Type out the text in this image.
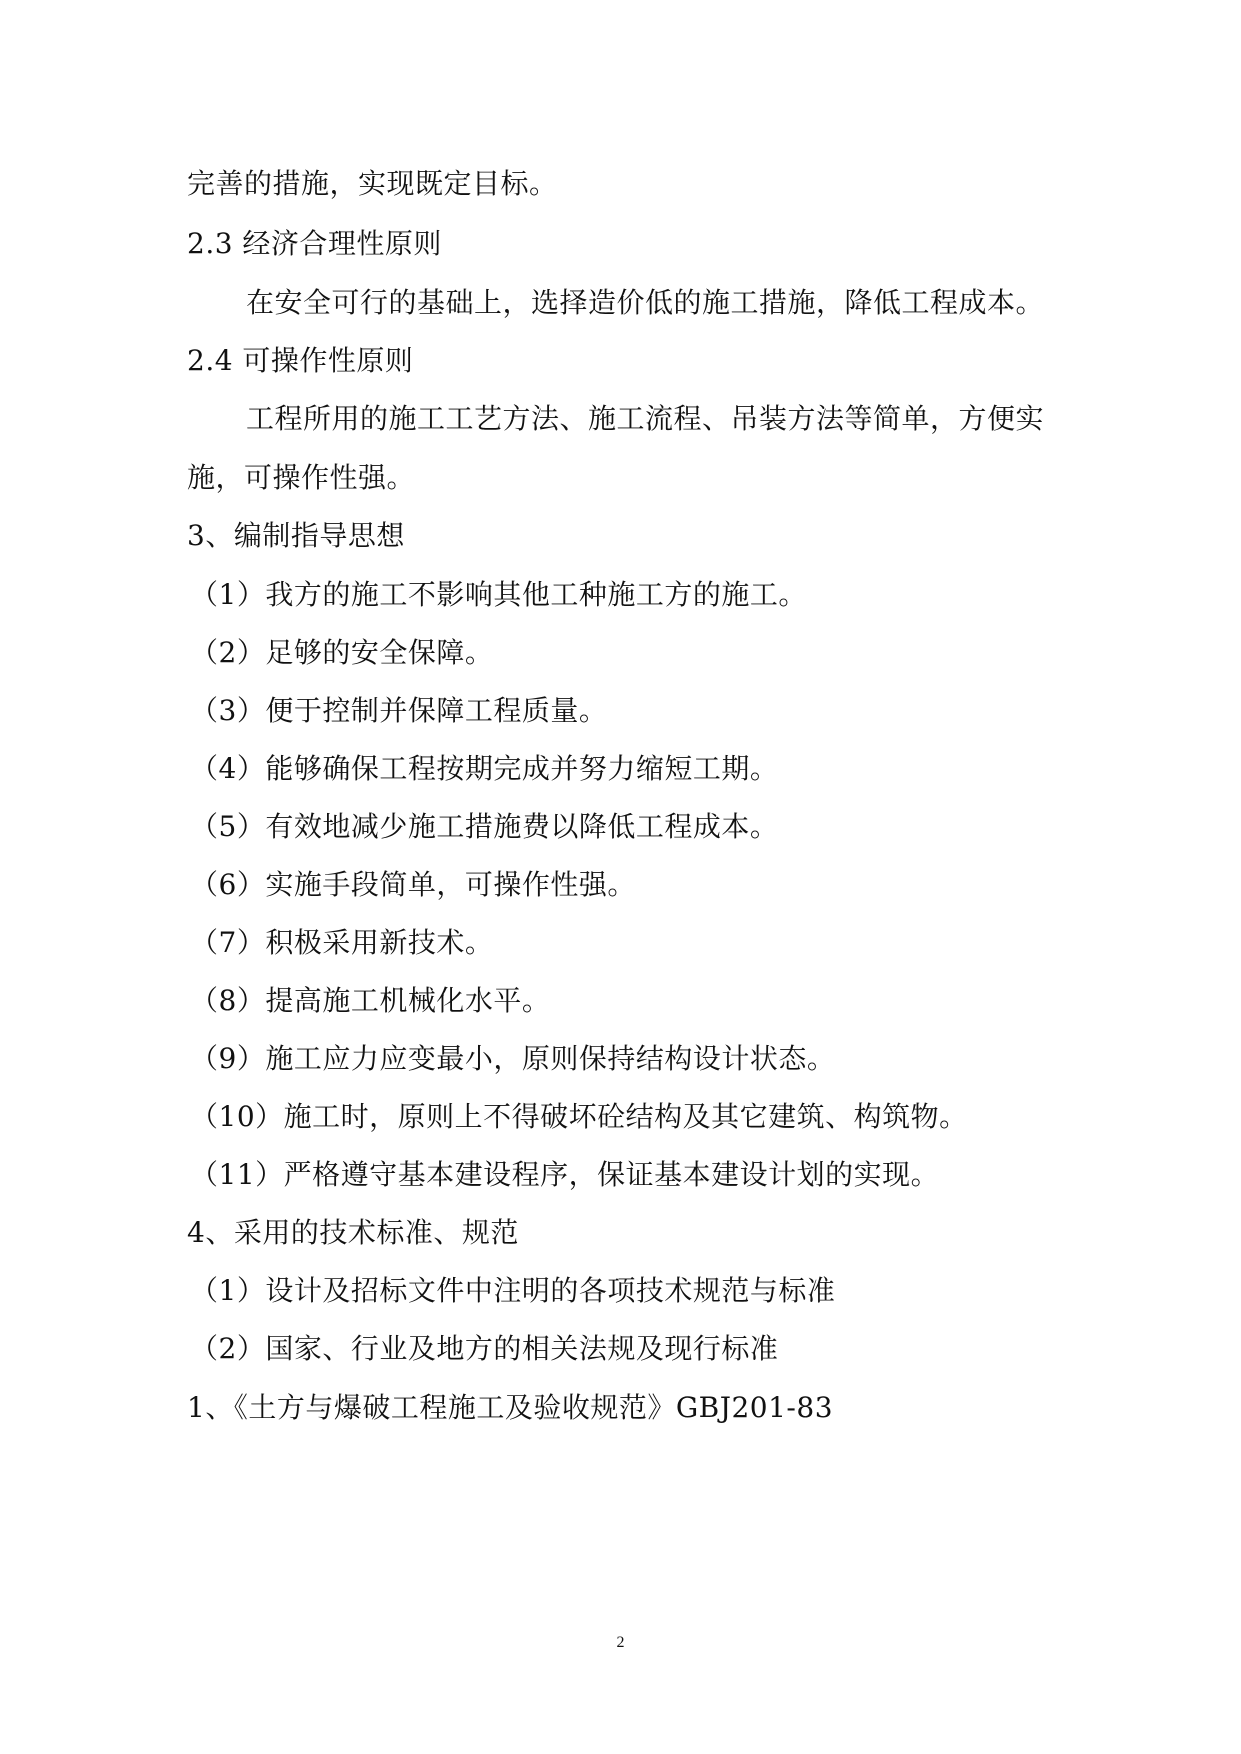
完善的措施，实现既定目标。
2.3 经济合理性原则
在安全可行的基础上，选择造价低的施工措施，降低工程成本。
2.4 可操作性原则
工程所用的施工工艺方法、施工流程、吊装方法等简单，方便实
施，可操作性强。
3、编制指导思想
（1）我方的施工不影响其他工种施工方的施工。
（2）足够的安全保障。
（3）便于控制并保障工程质量。
（4）能够确保工程按期完成并努力缩短工期。
（5）有效地减少施工措施费以降低工程成本。
（6）实施手段简单，可操作性强。
（7）积极采用新技术。
（8）提高施工机械化水平。
（9）施工应力应变最小，原则保持结构设计状态。
（10）施工时，原则上不得破坏砼结构及其它建筑、构筑物。
（11）严格遵守基本建设程序，保证基本建设计划的实现。
4、采用的技术标准、规范
（1）设计及招标文件中注明的各项技术规范与标准
（2）国家、行业及地方的相关法规及现行标准
1、《土方与爆破工程施工及验收规范》GBJ201-83
2
